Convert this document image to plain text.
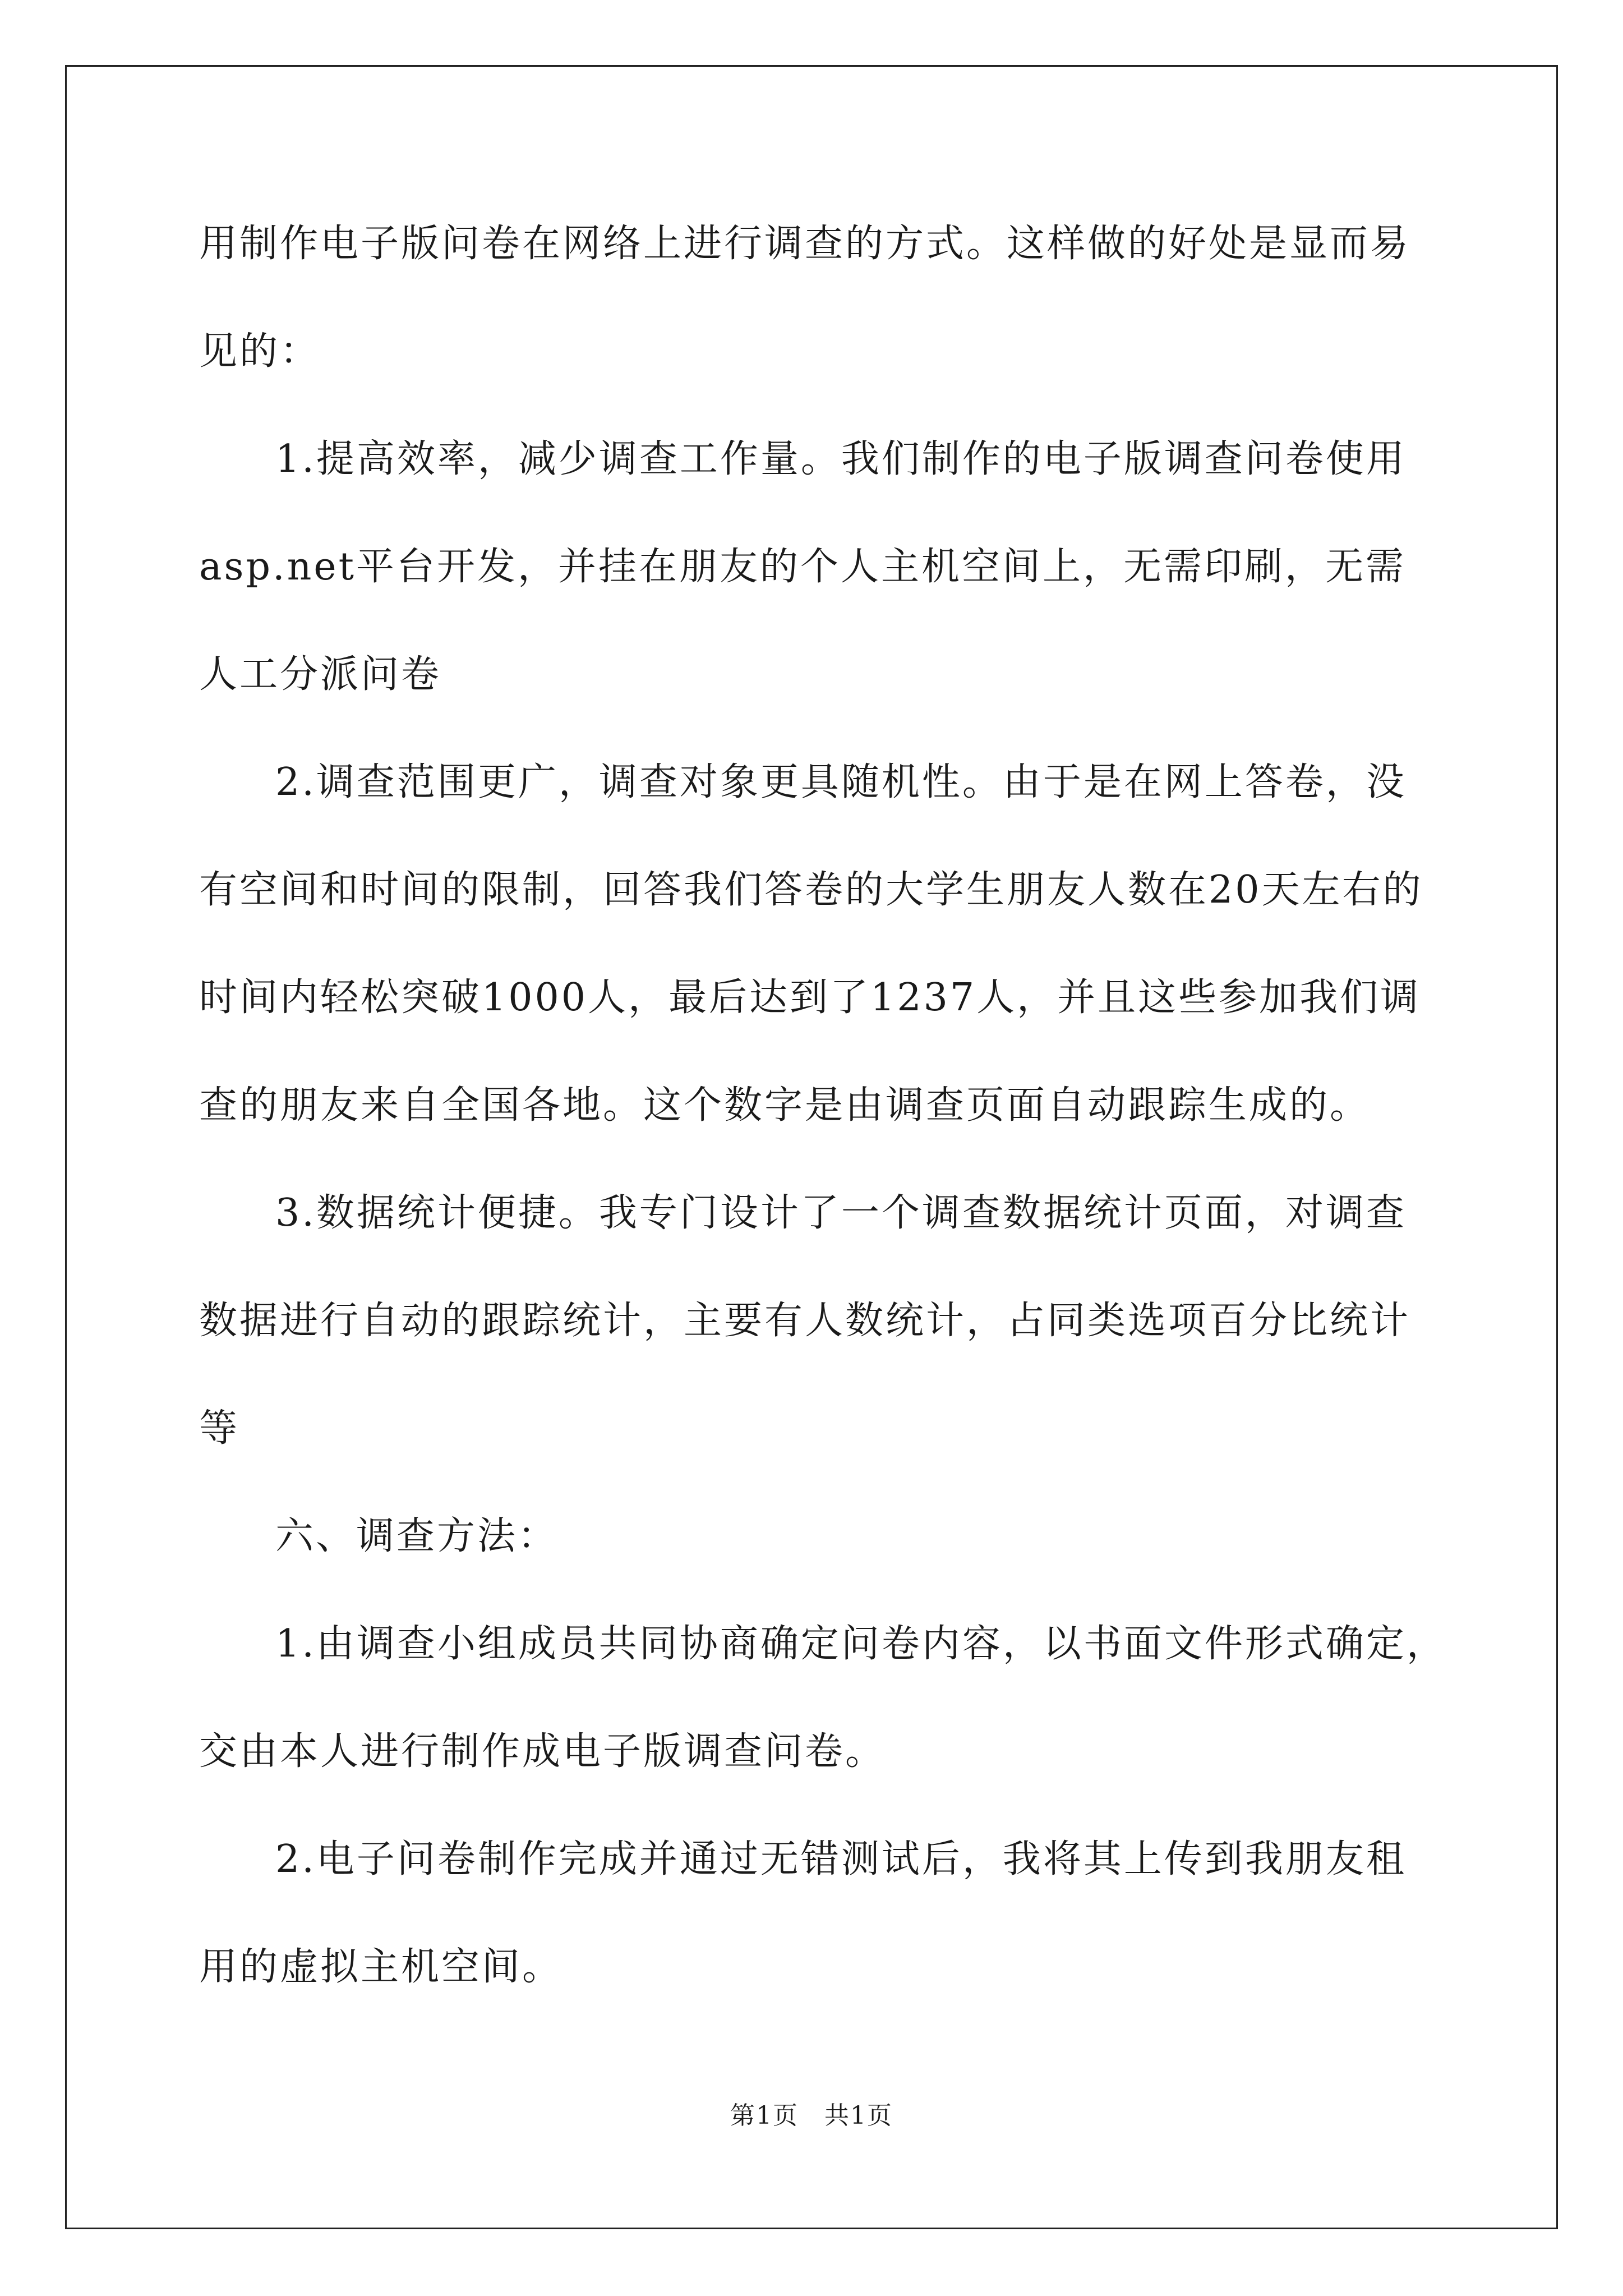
用制作电子版问卷在网络上进行调查的方式。这样做的好处是显而易
见的：
1.提高效率，减少调查工作量。我们制作的电子版调查问卷使用
asp.net平台开发，并挂在朋友的个人主机空间上，无需印刷，无需
人工分派问卷
2.调查范围更广，调查对象更具随机性。由于是在网上答卷，没
有空间和时间的限制，回答我们答卷的大学生朋友人数在20天左右的
时间内轻松突破1000人，最后达到了1237人，并且这些参加我们调
查的朋友来自全国各地。这个数字是由调查页面自动跟踪生成的。
3.数据统计便捷。我专门设计了一个调查数据统计页面，对调查
数据进行自动的跟踪统计，主要有人数统计，占同类选项百分比统计
等
六、调查方法：
1.由调查小组成员共同协商确定问卷内容，以书面文件形式确定，
交由本人进行制作成电子版调查问卷。
2.电子问卷制作完成并通过无错测试后，我将其上传到我朋友租
用的虚拟主机空间。
第1页　共1页
